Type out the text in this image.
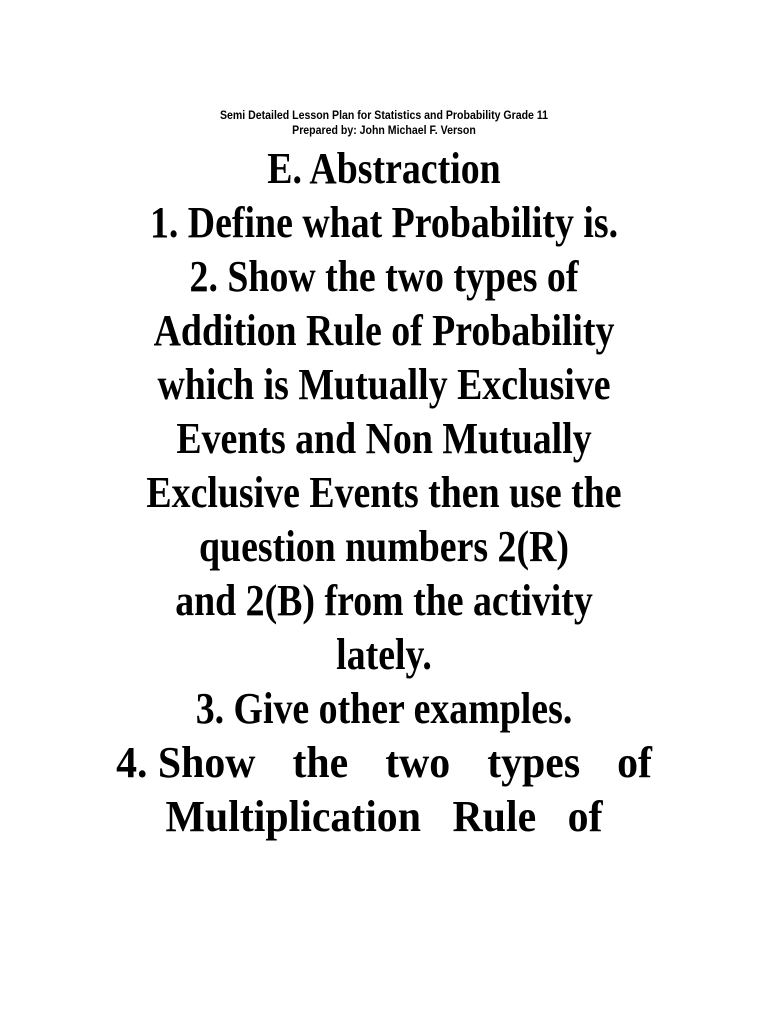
Semi Detailed Lesson Plan for Statistics and Probability Grade 11
Prepared by: John Michael F. Verson
E. Abstraction
1. Define what Probability is.
2. Show the two types of
Addition Rule of Probability
which is Mutually Exclusive
Events and Non Mutually
Exclusive Events then use the
question numbers 2(R)
and 2(B) from the activity
lately.
3. Give other examples.
4. Show the two types of
Multiplication Rule of
